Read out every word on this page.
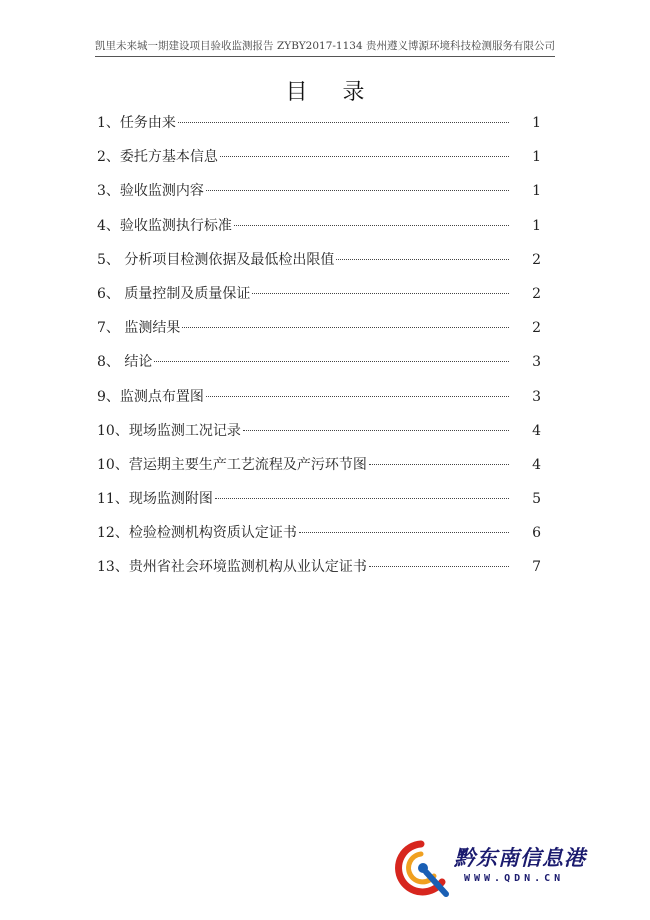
凯里未来城一期建设项目验收监测报告 ZYBY2017-1134 贵州遵义博源环境科技检测服务有限公司
目 录
1、任务由来	1
2、委托方基本信息	1
3、验收监测内容	1
4、验收监测执行标准	1
5、 分析项目检测依据及最低检出限值	2
6、 质量控制及质量保证	2
7、 监测结果	2
8、 结论	3
9、监测点布置图	3
10、现场监测工况记录	4
10、营运期主要生产工艺流程及产污环节图	4
11、现场监测附图	5
12、检验检测机构资质认定证书	6
13、贵州省社会环境监测机构从业认定证书	7
黔东南信息港
WWW.QDN.CN
